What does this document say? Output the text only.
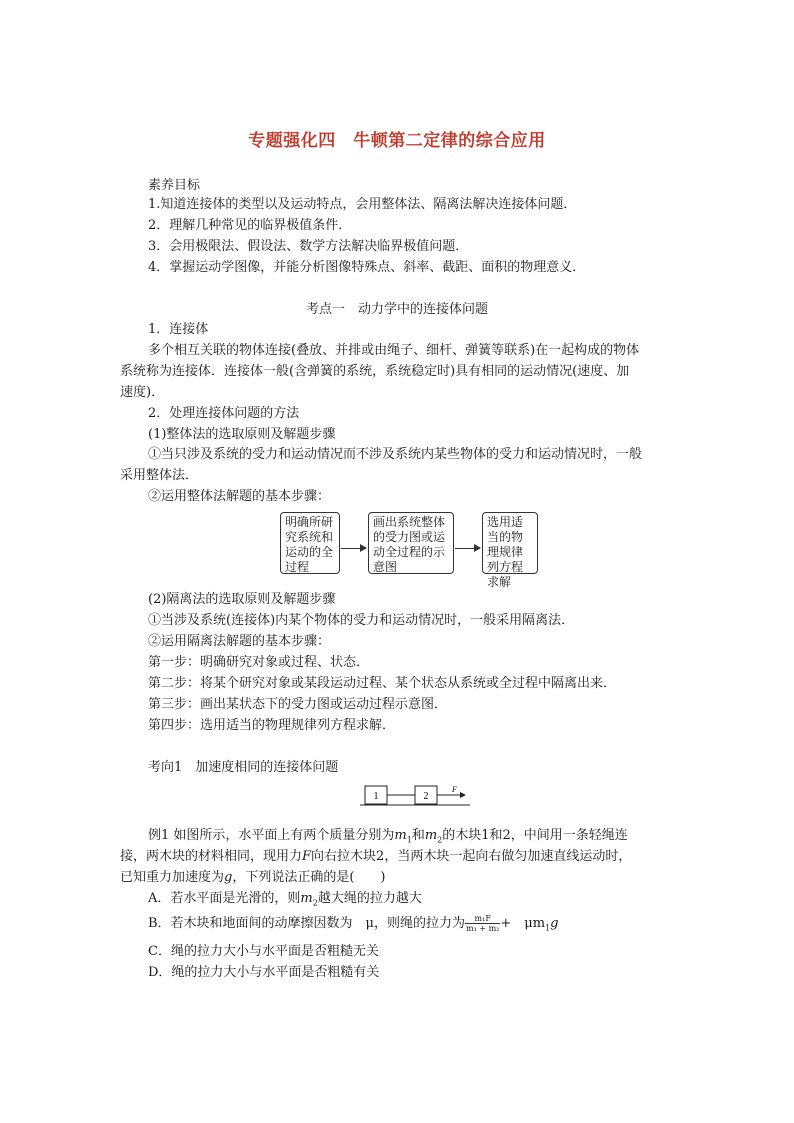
专题强化四　牛顿第二定律的综合应用
素养目标
1.知道连接体的类型以及运动特点，会用整体法、隔离法解决连接体问题．
2．理解几种常见的临界极值条件．
3．会用极限法、假设法、数学方法解决临界极值问题．
4．掌握运动学图像，并能分析图像特殊点、斜率、截距、面积的物理意义．
考点一　动力学中的连接体问题
1．连接体
多个相互关联的物体连接(叠放、并排或由绳子、细杆、弹簧等联系)在一起构成的物体
系统称为连接体．连接体一般(含弹簧的系统，系统稳定时)具有相同的运动情况(速度、加
速度)．
2．处理连接体问题的方法
(1)整体法的选取原则及解题步骤
①当只涉及系统的受力和运动情况而不涉及系统内某些物体的受力和运动情况时，一般
采用整体法．
②运用整体法解题的基本步骤：
明确所研究系统和运动的全过程
画出系统整体的受力图或运动全过程的示意图
选用适当的物理规律列方程求解
(2)隔离法的选取原则及解题步骤
①当涉及系统(连接体)内某个物体的受力和运动情况时，一般采用隔离法．
②运用隔离法解题的基本步骤：
第一步：明确研究对象或过程、状态．
第二步：将某个研究对象或某段运动过程、某个状态从系统或全过程中隔离出来．
第三步：画出某状态下的受力图或运动过程示意图．
第四步：选用适当的物理规律列方程求解．
考向1　加速度相同的连接体问题
1	2
F
例1 如图所示，水平面上有两个质量分别为$m_1$和$m_2$的木块1和2，中间用一条轻绳连
接，两木块的材料相同，现用力F向右拉木块2，当两木块一起向右做匀加速直线运动时，
已知重力加速度为g，下列说法正确的是(　　)
A．若水平面是光滑的，则$m_2$越大绳的拉力越大
B．若木块和地面间的动摩擦因数为　μ，则绳的拉力为 $\frac{\text{m₁F}}{\text{m₁ + m₂}}$ +　$\mu m_1g$
C．绳的拉力大小与水平面是否粗糙无关
D．绳的拉力大小与水平面是否粗糙有关
